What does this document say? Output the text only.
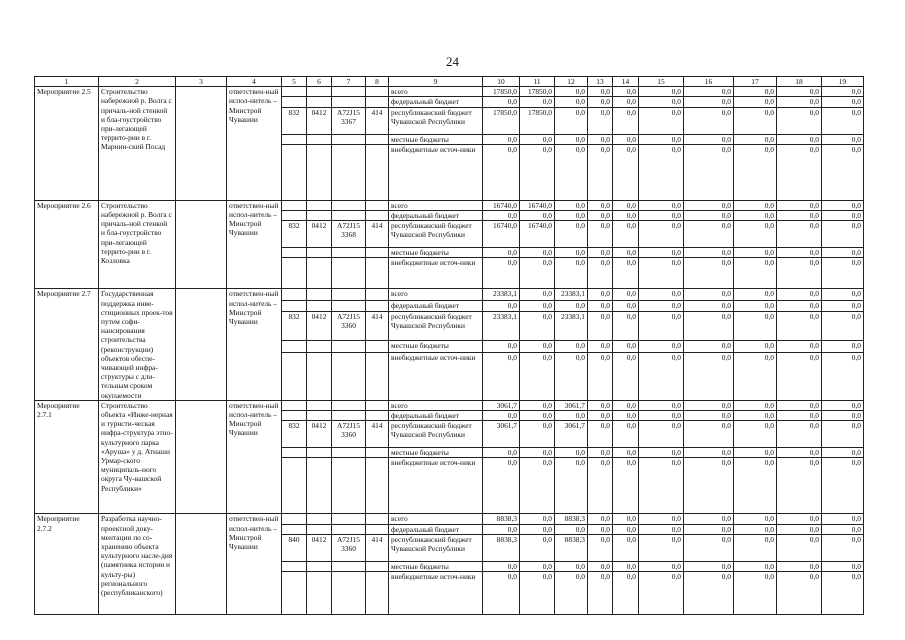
24
1	2	3	4	5	6	7	8	9	10	11	12	13	14	15	16	17	18	19
Мероприятие 2.5	Строительство набережной р. Волга с причаль-ной стенкой и бла-гоустройство при-легающей террито-рии в г. Мариин-ский Посад		ответствен-ный испол-нитель – Минстрой Чувашии					всего	17850,0	17850,0	0,0	0,0	0,0	0,0	0,0	0,0	0,0	0,0
								федеральный бюджет	0,0	0,0	0,0	0,0	0,0	0,0	0,0	0,0	0,0	0,0
				832	0412	A72J15 3367	414	республиканский бюджет Чувашской Республики	17850,0	17850,0	0,0	0,0	0,0	0,0	0,0	0,0	0,0	0,0
								местные бюджеты	0,0	0,0	0,0	0,0	0,0	0,0	0,0	0,0	0,0	0,0
								внебюджетные источ-ники	0,0	0,0	0,0	0,0	0,0	0,0	0,0	0,0	0,0	0,0
Мероприятие 2.6	Строительство набережной р. Волга с причаль-ной стенкой и бла-гоустройство при-легающей террито-рии в г. Козловка		ответствен-ный испол-нитель – Минстрой Чувашии					всего	16740,0	16740,0	0,0	0,0	0,0	0,0	0,0	0,0	0,0	0,0
								федеральный бюджет	0,0	0,0	0,0	0,0	0,0	0,0	0,0	0,0	0,0	0,0
				832	0412	A72J15 3368	414	республиканский бюджет Чувашской Республики	16740,0	16740,0	0,0	0,0	0,0	0,0	0,0	0,0	0,0	0,0
								местные бюджеты	0,0	0,0	0,0	0,0	0,0	0,0	0,0	0,0	0,0	0,0
								внебюджетные источ-ники	0,0	0,0	0,0	0,0	0,0	0,0	0,0	0,0	0,0	0,0
Мероприятие 2.7	Государственная поддержка инве-стиционных проек-тов путем софи-нансирования строительства (реконструкции) объектов обеспе-чивающей инфра-структуры с дли-тельным сроком окупаемости		ответствен-ный испол-нитель – Минстрой Чувашии					всего	23383,1	0,0	23383,1	0,0	0,0	0,0	0,0	0,0	0,0	0,0
								федеральный бюджет	0,0	0,0	0,0	0,0	0,0	0,0	0,0	0,0	0,0	0,0
				832	0412	A72J15 3360	414	республиканский бюджет Чувашской Республики	23383,1	0,0	23383,1	0,0	0,0	0,0	0,0	0,0	0,0	0,0
								местные бюджеты	0,0	0,0	0,0	0,0	0,0	0,0	0,0	0,0	0,0	0,0
								внебюджетные источ-ники	0,0	0,0	0,0	0,0	0,0	0,0	0,0	0,0	0,0	0,0
Мероприятие 2.7.1	Строительство объекта «Инже-нерная и туристи-ческая инфра-структура этно-культурного парка «Аруша» у д. Атнаши Урмар-ского муниципаль-ного округа Чу-вашской Республики»		ответствен-ный испол-нитель – Минстрой Чувашии					всего	3061,7	0,0	3061,7	0,0	0,0	0,0	0,0	0,0	0,0	0,0
								федеральный бюджет	0,0	0,0	0,0	0,0	0,0	0,0	0,0	0,0	0,0	0,0
				832	0412	A72J15 3360	414	республиканский бюджет Чувашской Республики	3061,7	0,0	3061,7	0,0	0,0	0,0	0,0	0,0	0,0	0,0
								местные бюджеты	0,0	0,0	0,0	0,0	0,0	0,0	0,0	0,0	0,0	0,0
								внебюджетные источ-ники	0,0	0,0	0,0	0,0	0,0	0,0	0,0	0,0	0,0	0,0
Мероприятие 2.7.2	Разработка научно-проектной доку-ментации по со-хранению объекта культурного насле-дия (памятника истории и культу-ры) регионального (республиканского)		ответствен-ный испол-нитель – Минстрой Чувашии					всего	8838,3	0,0	8838,3	0,0	0,0	0,0	0,0	0,0	0,0	0,0
								федеральный бюджет	0,0	0,0	0,0	0,0	0,0	0,0	0,0	0,0	0,0	0,0
				840	0412	A72J15 3360	414	республиканский бюджет Чувашской Республики	8838,3	0,0	8838,3	0,0	0,0	0,0	0,0	0,0	0,0	0,0
								местные бюджеты	0,0	0,0	0,0	0,0	0,0	0,0	0,0	0,0	0,0	0,0
								внебюджетные источ-ники	0,0	0,0	0,0	0,0	0,0	0,0	0,0	0,0	0,0	0,0
